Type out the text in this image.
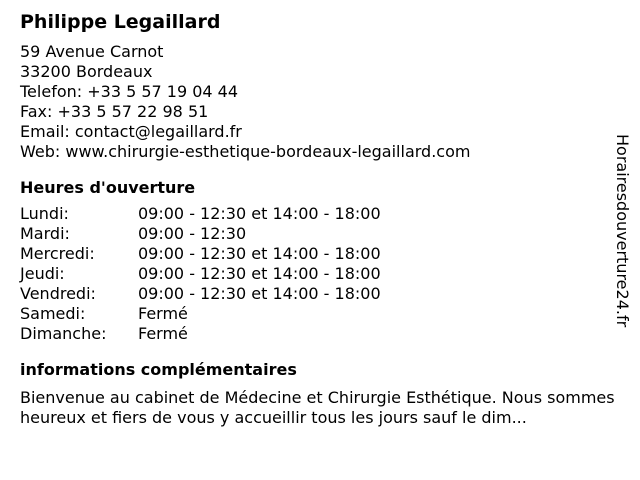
Philippe Legaillard
59 Avenue Carnot
33200 Bordeaux
Telefon: +33 5 57 19 04 44
Fax: +33 5 57 22 98 51
Email: contact@legaillard.fr
Web: www.chirurgie-esthetique-bordeaux-legaillard.com
Heures d'ouverture
Lundi:	09:00 - 12:30 et 14:00 - 18:00
Mardi:	09:00 - 12:30
Mercredi:	09:00 - 12:30 et 14:00 - 18:00
Jeudi:	09:00 - 12:30 et 14:00 - 18:00
Vendredi:	09:00 - 12:30 et 14:00 - 18:00
Samedi:	Fermé
Dimanche:	Fermé
informations complémentaires
Bienvenue au cabinet de Médecine et Chirurgie Esthétique. Nous sommes heureux et fiers de vous y accueillir tous les jours sauf le dim...
Horairesdouverture24.fr
